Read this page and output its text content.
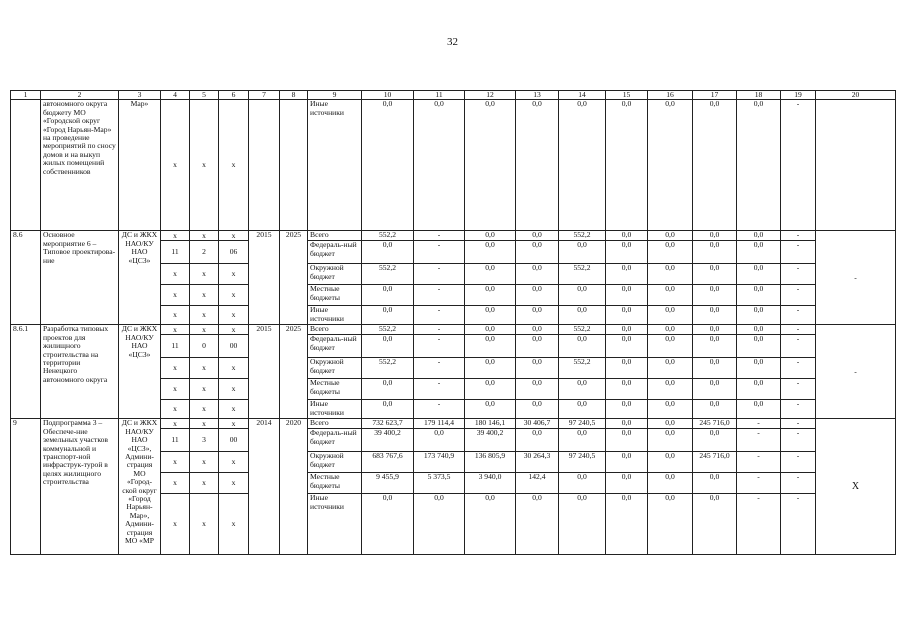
32
1	2	3	4	5	6	7	8	9	10	11	12	13	14	15	16	17	18	19	20
	автономного округа бюджету МО «Городской округ «Город Нарьян-Мар» на проведение мероприятий по сносу домов и на выкуп жилых помещений собственников	Мар»	х	х	х			Иные источники	0,0	0,0	0,0	0,0	0,0	0,0	0,0	0,0	0,0	-	
8.6	Основное мероприятие 6 – Типовое проектирова-ние	ДС и ЖКХ НАО/КУ НАО «ЦСЗ»	х	х	х	2015	2025	Всего	552,2	-	0,0	0,0	552,2	0,0	0,0	0,0	0,0	-	-
			11	2	06			Федераль-ный бюджет	0,0	-	0,0	0,0	0,0	0,0	0,0	0,0	0,0	-	
			х	х	х			Окружной бюджет	552,2	-	0,0	0,0	552,2	0,0	0,0	0,0	0,0	-	
			х	х	х			Местные бюджеты	0,0	-	0,0	0,0	0,0	0,0	0,0	0,0	0,0	-	
			х	х	х			Иные источники	0,0	-	0,0	0,0	0,0	0,0	0,0	0,0	0,0	-	
8.6.1	Разработка типовых проектов для жилищного строительства на территории Ненецкого автономного округа	ДС и ЖКХ НАО/КУ НАО «ЦСЗ»	х	х	х	2015	2025	Всего	552,2	-	0,0	0,0	552,2	0,0	0,0	0,0	0,0	-	-
			11	0	00			Федераль-ный бюджет	0,0	-	0,0	0,0	0,0	0,0	0,0	0,0	0,0	-	
			х	х	х			Окружной бюджет	552,2	-	0,0	0,0	552,2	0,0	0,0	0,0	0,0	-	
			х	х	х			Местные бюджеты	0,0	-	0,0	0,0	0,0	0,0	0,0	0,0	0,0	-	
			х	х	х			Иные источники	0,0	-	0,0	0,0	0,0	0,0	0,0	0,0	0,0	-	
9	Подпрограмма 3 – Обеспече-ние земельных участков коммунальной и транспорт-ной инфраструк-турой в целях жилищного строительства	ДС и ЖКХ НАО/КУ НАО «ЦСЗ», Админи-страция МО «Город-ской округ «Город Нарьян-Мар», Админи-страция МО «МР	х	х	х	2014	2020	Всего	732 623,7	179 114,4	180 146,1	30 406,7	97 240,5	0,0	0,0	245 716,0	-	-	Х
			11	3	00			Федераль-ный бюджет	39 400,2	0,0	39 400,2	0,0	0,0	0,0	0,0	0,0	-	-	
			х	х	х			Окружной бюджет	683 767,6	173 740,9	136 805,9	30 264,3	97 240,5	0,0	0,0	245 716,0	-	-	
			х	х	х			Местные бюджеты	9 455,9	5 373,5	3 940,0	142,4	0,0	0,0	0,0	0,0	-	-	
			х	х	х			Иные источники	0,0	0,0	0,0	0,0	0,0	0,0	0,0	0,0	-	-	
